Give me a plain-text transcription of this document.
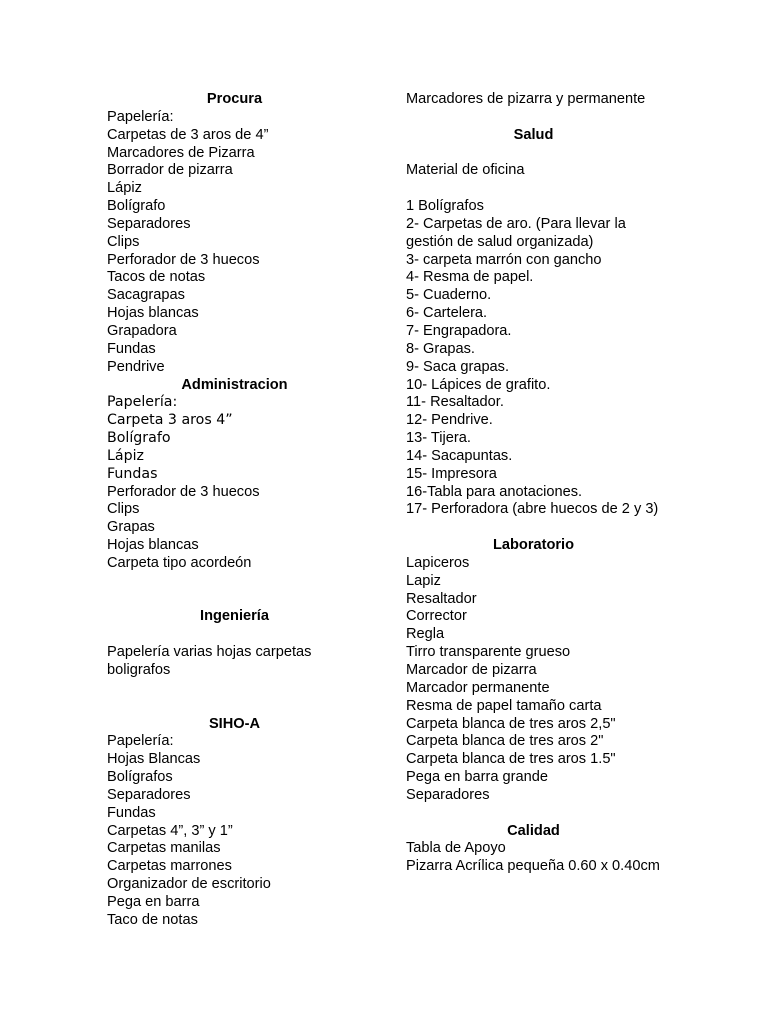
Procura
Papelería:
Carpetas de 3 aros de 4”
Marcadores de Pizarra
Borrador de pizarra
Lápiz
Bolígrafo
Separadores
Clips
Perforador de 3 huecos
Tacos de notas
Sacagrapas
Hojas blancas
Grapadora
Fundas
Pendrive
Administracion
Papelería:
Carpeta 3 aros 4”
Bolígrafo
Lápiz
Fundas
Perforador de 3 huecos
Clips
Grapas
Hojas blancas
Carpeta tipo acordeón
Ingeniería
Papelería varias hojas carpetas boligrafos
SIHO-A
Papelería:
Hojas Blancas
Bolígrafos
Separadores
Fundas
Carpetas 4”, 3” y 1”
Carpetas manilas
Carpetas marrones
Organizador de escritorio
Pega en barra
Taco de notas
Marcadores de pizarra y permanente
Salud
Material de oficina
1 Bolígrafos
2- Carpetas de aro. (Para llevar la gestión de salud organizada)
3- carpeta marrón con gancho
4- Resma de papel.
5- Cuaderno.
6- Cartelera.
7- Engrapadora.
8- Grapas.
9- Saca grapas.
10- Lápices de grafito.
11- Resaltador.
12- Pendrive.
13- Tijera.
14- Sacapuntas.
15- Impresora
16-Tabla para anotaciones.
17- Perforadora (abre huecos de 2 y 3)
Laboratorio
Lapiceros
Lapiz
Resaltador
Corrector
Regla
Tirro transparente grueso
Marcador de pizarra
Marcador permanente
Resma de papel tamaño carta
Carpeta blanca de tres aros 2,5"
Carpeta blanca de tres aros 2"
Carpeta blanca de tres aros 1.5"
Pega en barra grande
Separadores
Calidad
Tabla de Apoyo
Pizarra Acrílica pequeña 0.60 x 0.40cm
